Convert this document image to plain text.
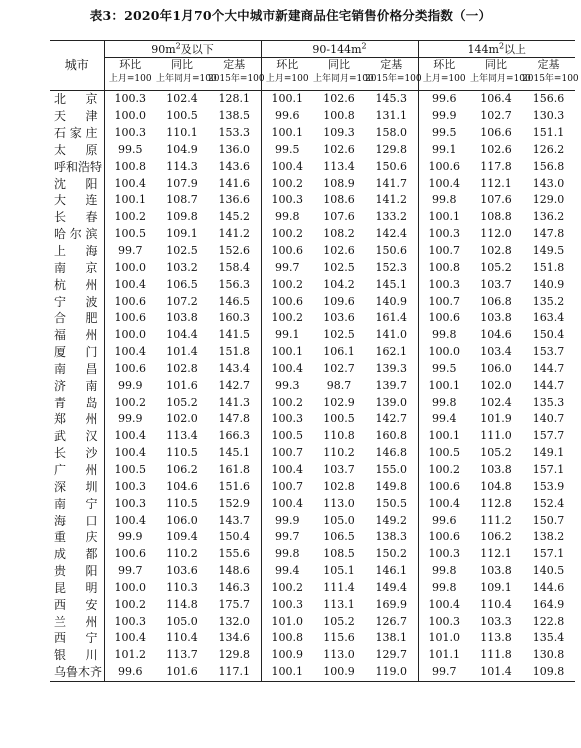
表3：2020年1月70个大中城市新建商品住宅销售价格分类指数（一）
城市	$90m^2$及以下			$90-144m^2$			$144m^2$以上		
	环比	同比	定基	环比	同比	定基	环比	同比	定基
	上月=100	上年同月=100	2015年=100	上月=100	上年同月=100	2015年=100	上月=100	上年同月=100	2015年=100
北京	100.3	102.4	128.1	100.1	102.6	145.3	99.6	106.4	156.6
天津	100.0	100.5	138.5	99.6	100.8	131.1	99.9	102.7	130.3
石家庄	100.3	110.1	153.3	100.1	109.3	158.0	99.5	106.6	151.1
太原	99.5	104.9	136.0	99.5	102.6	129.8	99.1	102.6	126.2
呼和浩特	100.8	114.3	143.6	100.4	113.4	150.6	100.6	117.8	156.8
沈阳	100.4	107.9	141.6	100.2	108.9	141.7	100.4	112.1	143.0
大连	100.1	108.7	136.6	100.3	108.6	141.2	99.8	107.6	129.0
长春	100.2	109.8	145.2	99.8	107.6	133.2	100.1	108.8	136.2
哈尔滨	100.5	109.1	141.2	100.2	108.2	142.4	100.3	112.0	147.8
上海	99.7	102.5	152.6	100.6	102.6	150.6	100.7	102.8	149.5
南京	100.0	103.2	158.4	99.7	102.5	152.3	100.8	105.2	151.8
杭州	100.4	106.5	156.3	100.2	104.2	145.1	100.3	103.7	140.9
宁波	100.6	107.2	146.5	100.6	109.6	140.9	100.7	106.8	135.2
合肥	100.6	103.8	160.3	100.2	103.6	161.4	100.6	103.8	163.4
福州	100.0	104.4	141.5	99.1	102.5	141.0	99.8	104.6	150.4
厦门	100.4	101.4	151.8	100.1	106.1	162.1	100.0	103.4	153.7
南昌	100.6	102.8	143.4	100.4	102.7	139.3	99.5	106.0	144.7
济南	99.9	101.6	142.7	99.3	98.7	139.7	100.1	102.0	144.7
青岛	100.2	105.2	141.3	100.2	102.9	139.0	99.8	102.4	135.3
郑州	99.9	102.0	147.8	100.3	100.5	142.7	99.4	101.9	140.7
武汉	100.4	113.4	166.3	100.5	110.8	160.8	100.1	111.0	157.7
长沙	100.4	110.5	145.1	100.7	110.2	146.8	100.5	105.2	149.1
广州	100.5	106.2	161.8	100.4	103.7	155.0	100.2	103.8	157.1
深圳	100.3	104.6	151.6	100.7	102.8	149.8	100.6	104.8	153.9
南宁	100.3	110.5	152.9	100.4	113.0	150.5	100.4	112.8	152.4
海口	100.4	106.0	143.7	99.9	105.0	149.2	99.6	111.2	150.7
重庆	99.9	109.4	150.4	99.7	106.5	138.3	100.6	106.2	138.2
成都	100.6	110.2	155.6	99.8	108.5	150.2	100.3	112.1	157.1
贵阳	99.7	103.6	148.6	99.4	105.1	146.1	99.8	103.8	140.5
昆明	100.0	110.3	146.3	100.2	111.4	149.4	99.8	109.1	144.6
西安	100.2	114.8	175.7	100.3	113.1	169.9	100.4	110.4	164.9
兰州	100.3	105.0	132.0	101.0	105.2	126.7	100.3	103.3	122.8
西宁	100.4	110.4	134.6	100.8	115.6	138.1	101.0	113.8	135.4
银川	101.2	113.7	129.8	100.9	113.0	129.7	101.1	111.8	130.8
乌鲁木齐	99.6	101.6	117.1	100.1	100.9	119.0	99.7	101.4	109.8
